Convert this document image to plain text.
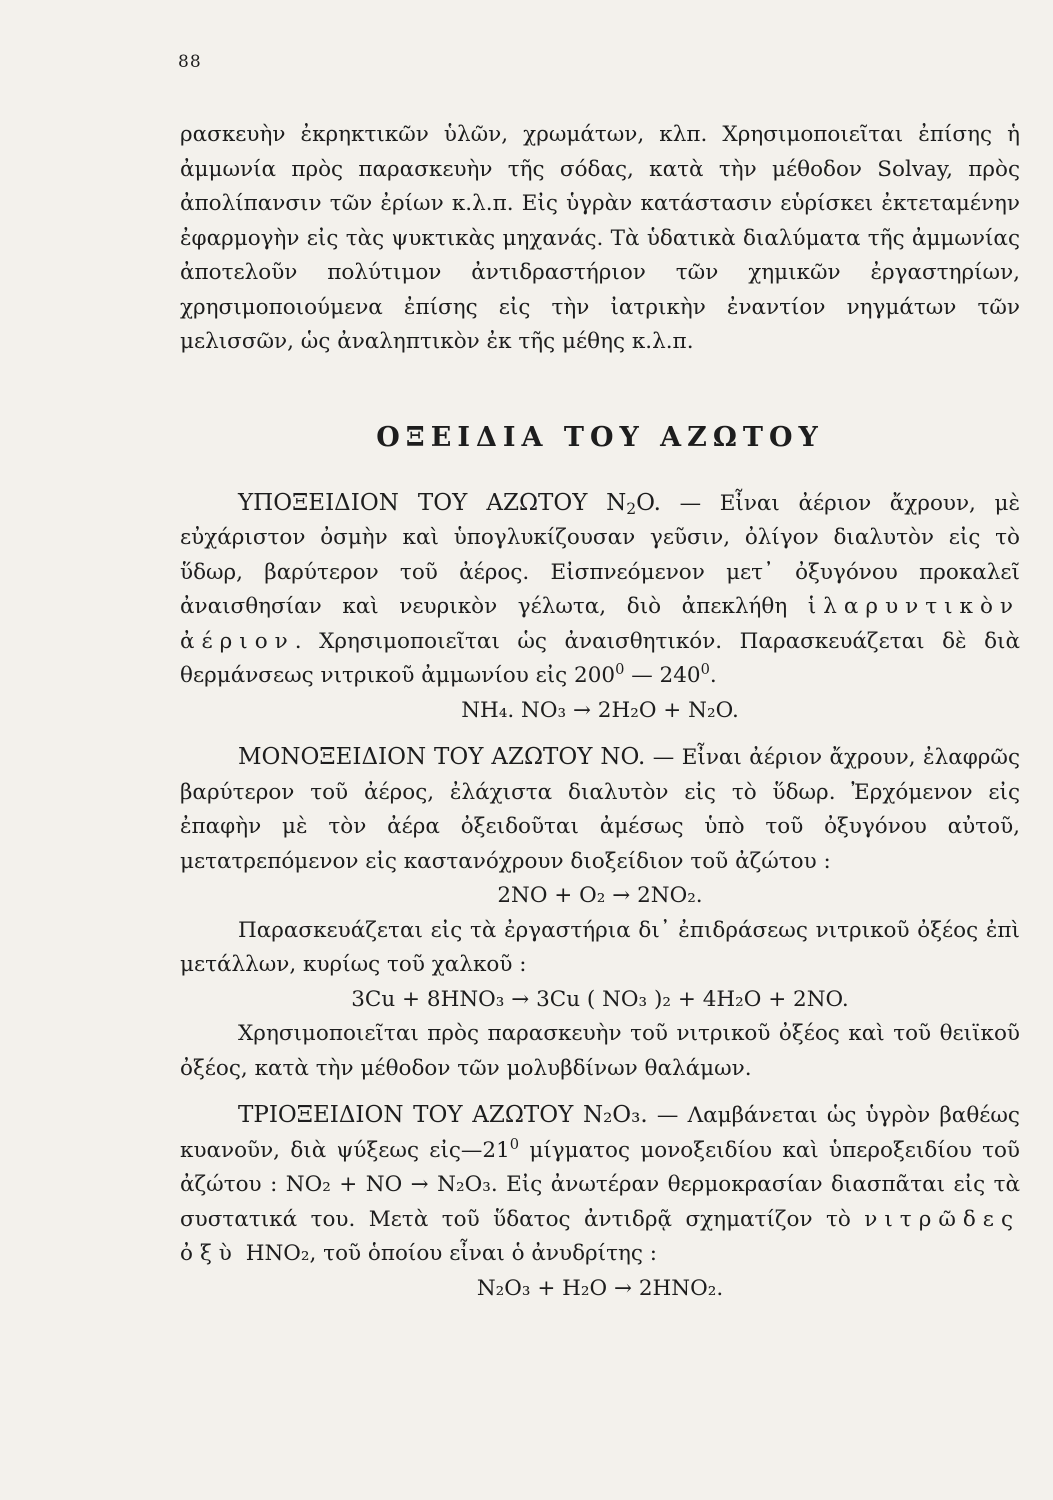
88

ρασκευὴν ἐκρηκτικῶν ὑλῶν, χρωμάτων, κλπ. Χρησιμοποιεῖται ἐπίσης ἡ ἀμμωνία πρὸς παρασκευὴν τῆς σόδας, κατὰ τὴν μέθοδον Solvay, πρὸς ἀπολίπανσιν τῶν ἐρίων κ.λ.π. Εἰς ὑγρὰν κατάστασιν εὑρίσκει ἐκτεταμένην ἐφαρμογὴν εἰς τὰς ψυκτικὰς μηχανάς. Τὰ ὑδατικὰ διαλύματα τῆς ἀμμωνίας ἀποτελοῦν πολύτιμον ἀντιδραστήριον τῶν χημικῶν ἐργαστηρίων, χρησιμοποιούμενα ἐπίσης εἰς τὴν ἰατρικὴν ἐναντίον νηγμάτων τῶν μελισσῶν, ὡς ἀναληπτικὸν ἐκ τῆς μέθης κ.λ.π.

ΟΞΕΙΔΙΑ ΤΟΥ ΑΖΩΤΟΥ

ΥΠΟΞΕΙΔΙΟΝ ΤΟΥ ΑΖΩΤΟΥ $N_2O$. — Εἶναι ἀέριον ἄχρουν, μὲ εὐχάριστον ὀσμὴν καὶ ὑπογλυκίζουσαν γεῦσιν, ὀλίγον διαλυτὸν εἰς τὸ ὕδωρ, βαρύτερον τοῦ ἀέρος. Εἰσπνεόμενον μετ᾽ ὀξυγόνου προκαλεῖ ἀναισθησίαν καὶ νευρικὸν γέλωτα, διὸ ἀπεκλήθη ἱλαρυντικὸν ἀέριον. Χρησιμοποιεῖται ὡς ἀναισθητικόν. Παρασκευάζεται δὲ διὰ θερμάνσεως νιτρικοῦ ἀμμωνίου εἰς $200^0$ — $240^0$.

NH₄. NO₃ → 2H₂O + N₂O.

ΜΟΝΟΞΕΙΔΙΟΝ ΤΟΥ ΑΖΩΤΟΥ NO. — Εἶναι ἀέριον ἄχρουν, ἐλαφρῶς βαρύτερον τοῦ ἀέρος, ἐλάχιστα διαλυτὸν εἰς τὸ ὕδωρ. Ἐρχόμενον εἰς ἐπαφὴν μὲ τὸν ἀέρα ὀξειδοῦται ἀμέσως ὑπὸ τοῦ ὀξυγόνου αὐτοῦ, μετατρεπόμενον εἰς καστανόχρουν διοξείδιον τοῦ ἀζώτου :

2NO + O₂ → 2NO₂.

Παρασκευάζεται εἰς τὰ ἐργαστήρια δι᾽ ἐπιδράσεως νιτρικοῦ ὀξέος ἐπὶ μετάλλων, κυρίως τοῦ χαλκοῦ :

3Cu + 8HNO₃ → 3Cu ( NO₃ )₂ + 4H₂O + 2NO.

Χρησιμοποιεῖται πρὸς παρασκευὴν τοῦ νιτρικοῦ ὀξέος καὶ τοῦ θειϊκοῦ ὀξέος, κατὰ τὴν μέθοδον τῶν μολυβδίνων θαλάμων.

ΤΡΙΟΞΕΙΔΙΟΝ ΤΟΥ ΑΖΩΤΟΥ N₂O₃. — Λαμβάνεται ὡς ὑγρὸν βαθέως κυανοῦν, διὰ ψύξεως $\varepsilon ἰ\varsigma—21^0$ μίγματος μονοξειδίου καὶ ὑπεροξειδίου τοῦ ἀζώτου : NO₂ + NO → N₂O₃. Εἰς ἀνωτέραν θερμοκρασίαν διασπᾶται εἰς τὰ συστατικά του. Μετὰ τοῦ ὕδατος ἀντιδρᾷ σχηματίζον τὸ νιτρῶδες ὀξὺ HNO₂, τοῦ ὁποίου εἶναι ὁ ἀνυδρίτης :

N₂O₃ + H₂O → 2HNO₂.
